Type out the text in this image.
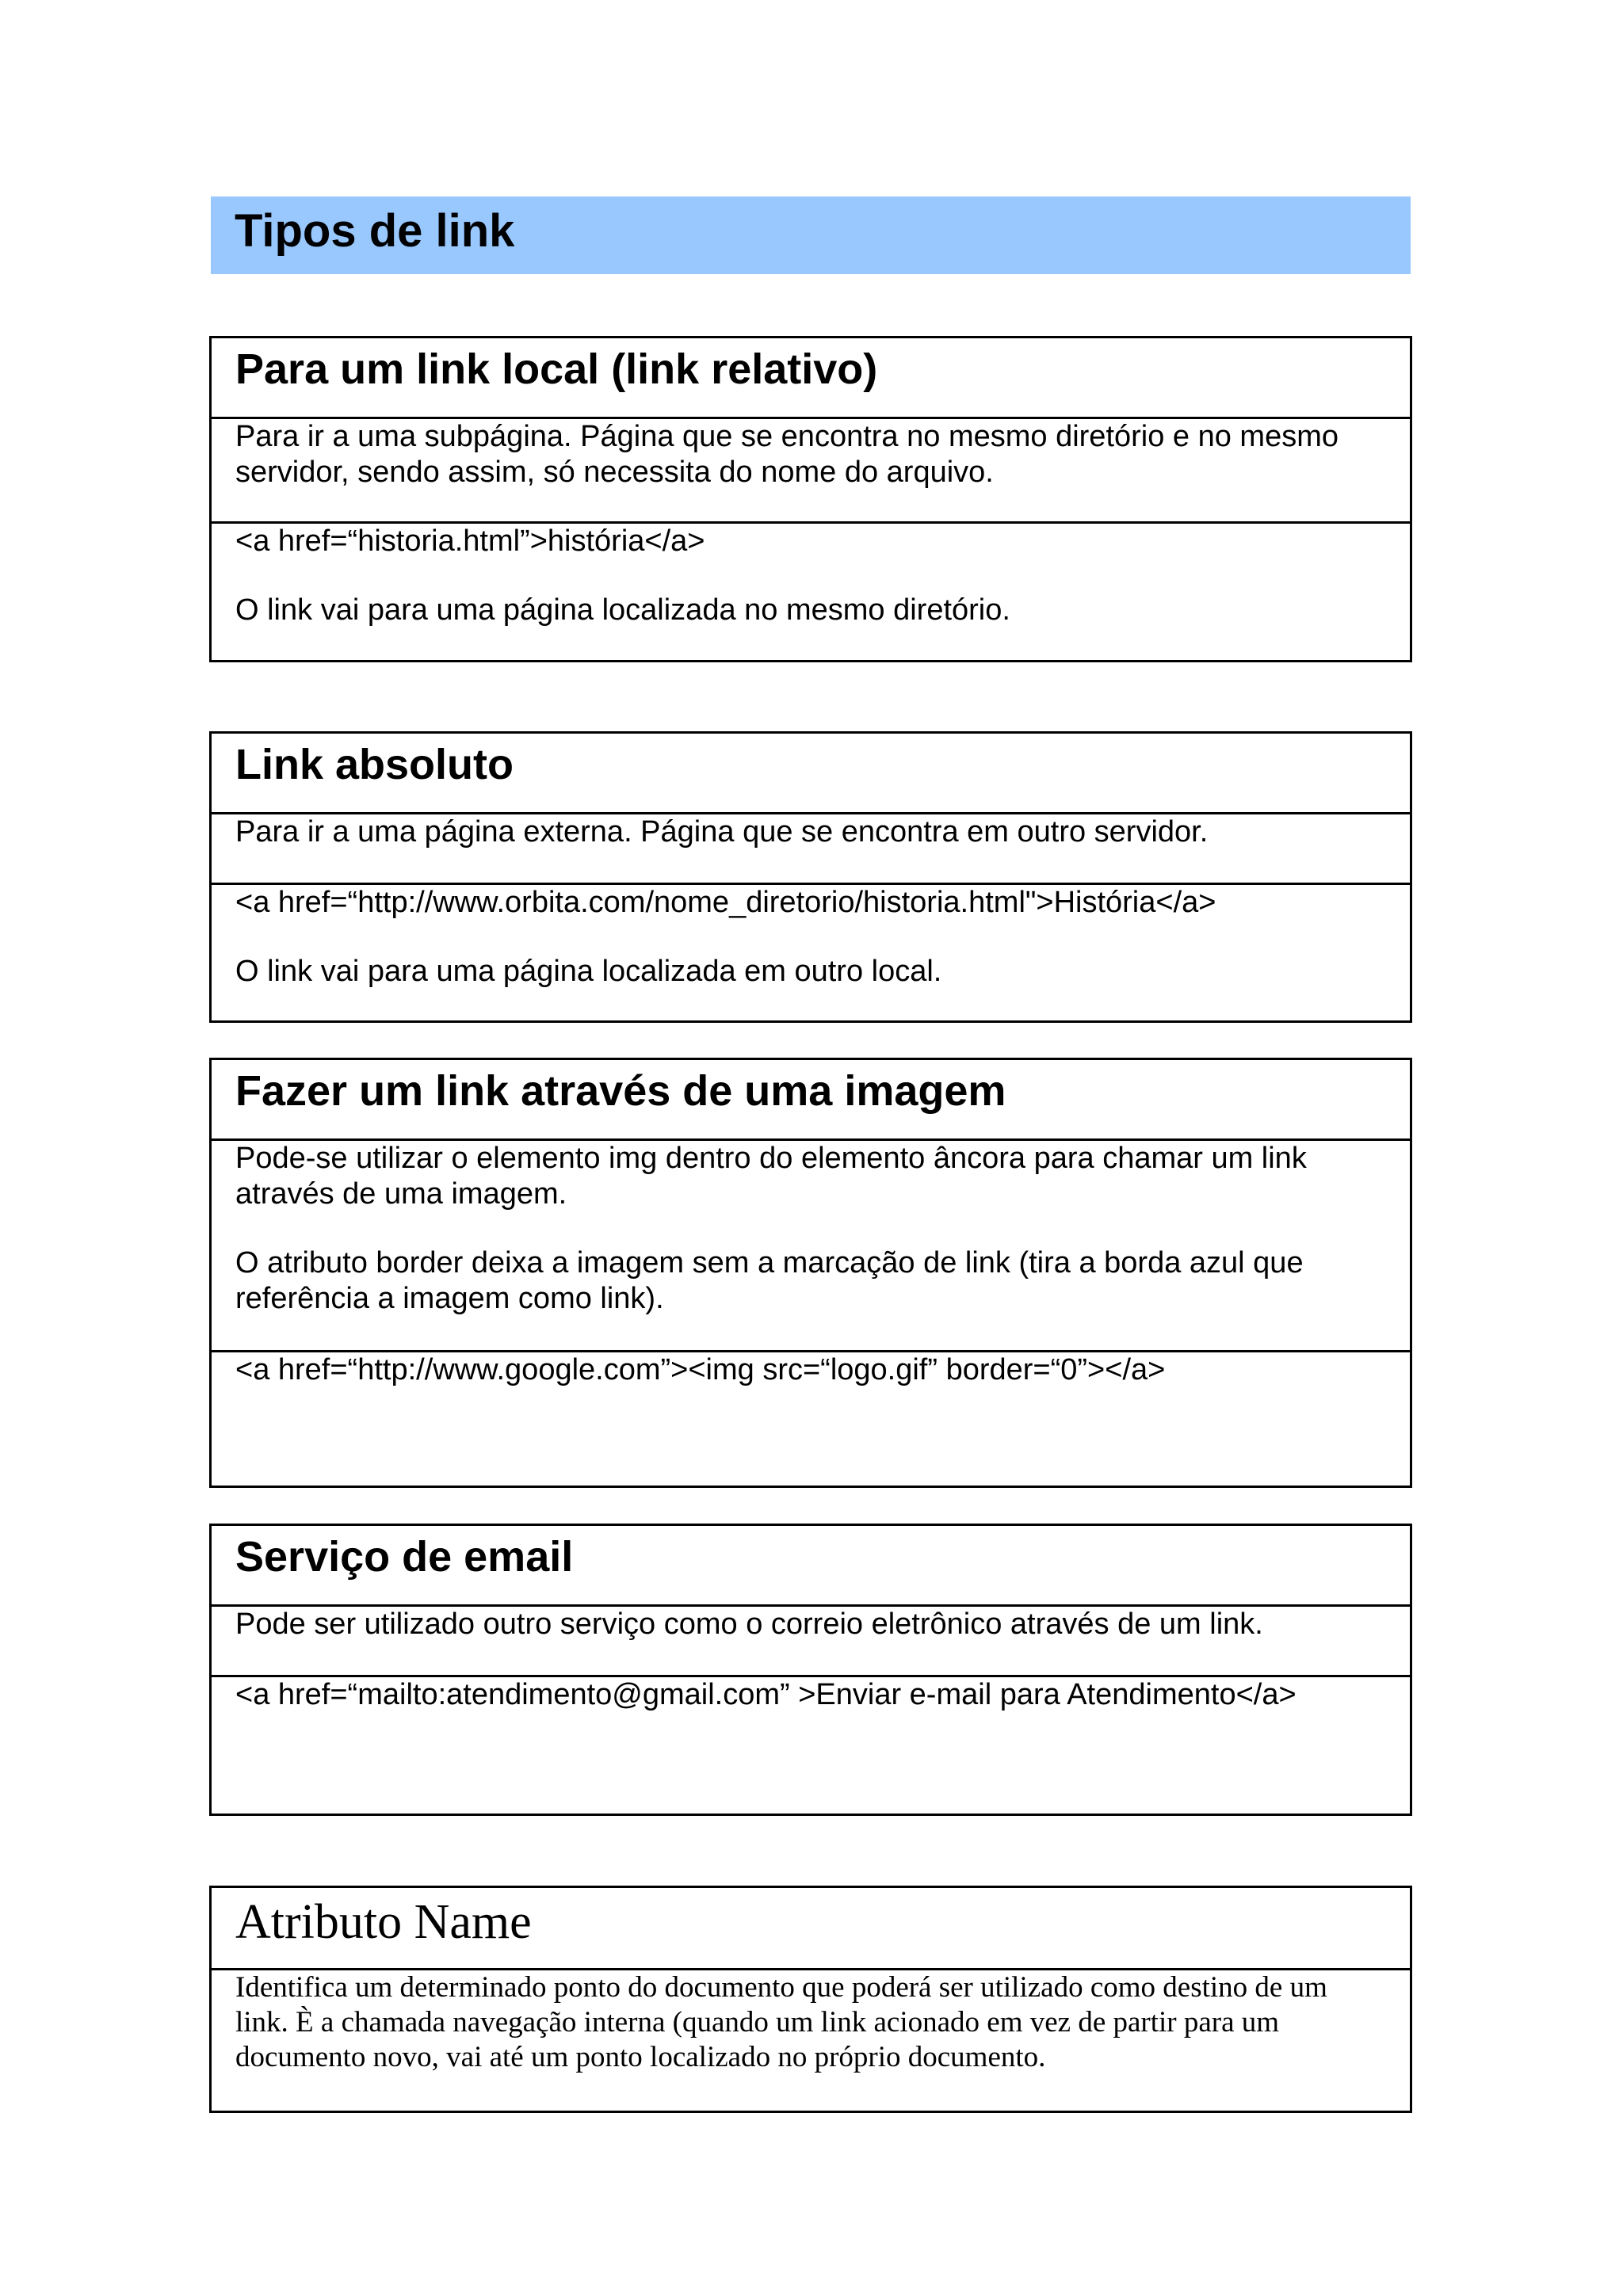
Tipos de link
Para um link local (link relativo)

Para ir a uma subpágina. Página que se encontra no mesmo diretório e no mesmo servidor, sendo assim, só necessita do nome do arquivo.

<a href=“historia.html”>história</a>

O link vai para uma página localizada no mesmo diretório.

Link absoluto

Para ir a uma página externa. Página que se encontra em outro servidor.

<a href=“http://www.orbita.com/nome_diretorio/historia.html">História</a>

O link vai para uma página localizada em outro local.

Fazer um link através de uma imagem

Pode-se utilizar o elemento img dentro do elemento âncora para chamar um link através de uma imagem.

O atributo border deixa a imagem sem a marcação de link (tira a borda azul que referência a imagem como link).

<a href=“http://www.google.com”><img src=“logo.gif” border=“0”></a>

Serviço de email

Pode ser utilizado outro serviço como o correio eletrônico através de um link.

<a href=“mailto:atendimento@gmail.com” >Enviar e-mail para Atendimento</a>

Atributo Name

Identifica um determinado ponto do documento que poderá ser utilizado como destino de um link. È a chamada navegação interna (quando um link acionado em vez de partir para um documento novo, vai até um ponto localizado no próprio documento.
